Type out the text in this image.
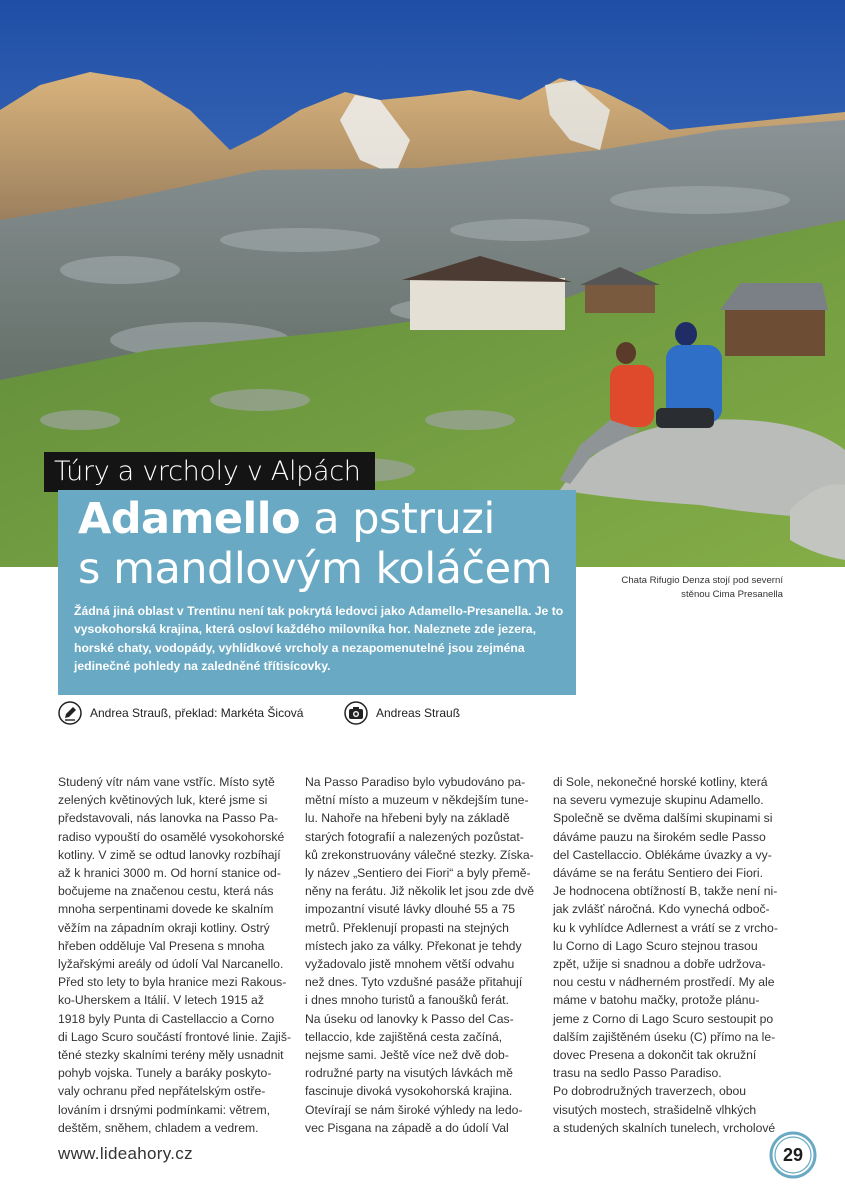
Túry a vrcholy v Alpách
Adamello a pstruzi
s mandlovým koláčem

Žádná jiná oblast v Trentinu není tak pokrytá ledovci jako Adamello-Presanella. Je to vysokohorská krajina, která osloví každého milovníka hor. Naleznete zde jezera, horské chaty, vodopády, vyhlídkové vrcholy a nezapomenutelné jsou zejména jedinečné pohledy na zaledněné třítisícovky.

Chata Rifugio Denza stojí pod severní
stěnou Cima Presanella
Andrea Strauß, překlad: Markéta Šicová	Andreas Strauß
Studený vítr nám vane vstříc. Místo sytě
zelených květinových luk, které jsme si
představovali, nás lanovka na Passo Pa-
radiso vypouští do osamělé vysokohorské
kotliny. V zimě se odtud lanovky rozbíhají
až k hranici 3000 m. Od horní stanice od-
bočujeme na značenou cestu, která nás
mnoha serpentinami dovede ke skalním
věžím na západním okraji kotliny. Ostrý
hřeben odděluje Val Presena s mnoha
lyžařskými areály od údolí Val Narcanello.
Před sto lety to byla hranice mezi Rakous-
ko-Uherskem a Itálií. V letech 1915 až
1918 byly Punta di Castellaccio a Corno
di Lago Scuro součástí frontové linie. Zajiš-
těné stezky skalními terény měly usnadnit
pohyb vojska. Tunely a baráky poskyto-
valy ochranu před nepřátelským ostře-
lováním i drsnými podmínkami: větrem,
deštěm, sněhem, chladem a vedrem.
Na Passo Paradiso bylo vybudováno pa-
mětní místo a muzeum v někdejším tune-
lu. Nahoře na hřebeni byly na základě
starých fotografií a nalezených pozůstat-
ků zrekonstruovány válečné stezky. Získa-
ly název „Sentiero dei Fiori“ a byly přemě-
něny na ferátu. Již několik let jsou zde dvě
impozantní visuté lávky dlouhé 55 a 75
metrů. Překlenují propasti na stejných
místech jako za války. Překonat je tehdy
vyžadovalo jistě mnohem větší odvahu
než dnes. Tyto vzdušné pasáže přitahují
i dnes mnoho turistů a fanoušků ferát.
Na úseku od lanovky k Passo del Cas-
tellaccio, kde zajištěná cesta začíná,
nejsme sami. Ještě více než dvě dob-
rodružné party na visutých lávkách mě
fascinuje divoká vysokohorská krajina.
Otevírají se nám široké výhledy na ledo-
vec Pisgana na západě a do údolí Val
di Sole, nekonečné horské kotliny, která
na severu vymezuje skupinu Adamello.
Společně se dvěma dalšími skupinami si
dáváme pauzu na širokém sedle Passo
del Castellaccio. Oblékáme úvazky a vy-
dáváme se na ferátu Sentiero dei Fiori.
Je hodnocena obtížností B, takže není ni-
jak zvlášť náročná. Kdo vynechá odboč-
ku k vyhlídce Adlernest a vrátí se z vrcho-
lu Corno di Lago Scuro stejnou trasou
zpět, užije si snadnou a dobře udržova-
nou cestu v nádherném prostředí. My ale
máme v batohu mačky, protože plánu-
jeme z Corno di Lago Scuro sestoupit po
dalším zajištěném úseku (C) přímo na le-
dovec Presena a dokončit tak okružní
trasu na sedlo Passo Paradiso.
Po dobrodružných traverzech, obou
visutých mostech, strašidelně vlhkých
a studených skalních tunelech, vrcholové
www.lideahory.cz	29
